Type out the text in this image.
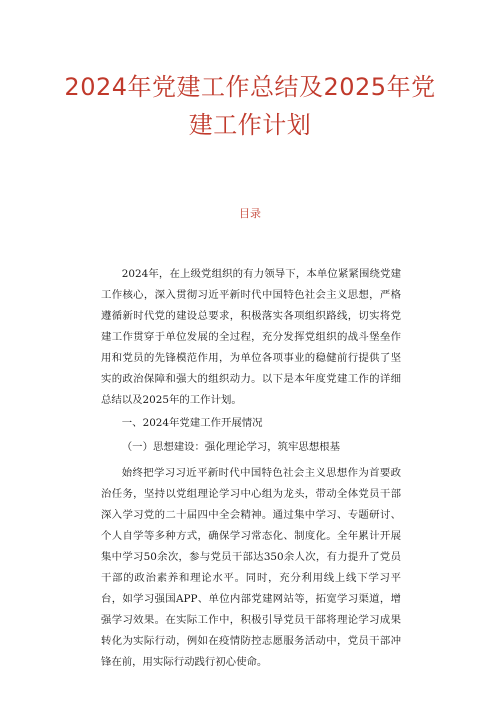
2024年党建工作总结及2025年党建工作计划
目录

2024年，在上级党组织的有力领导下，本单位紧紧围绕党建工作核心，深入贯彻习近平新时代中国特色社会主义思想，严格遵循新时代党的建设总要求，积极落实各项组织路线，切实将党建工作贯穿于单位发展的全过程，充分发挥党组织的战斗堡垒作用和党员的先锋模范作用，为单位各项事业的稳健前行提供了坚实的政治保障和强大的组织动力。以下是本年度党建工作的详细总结以及2025年的工作计划。

一、2024年党建工作开展情况

（一）思想建设：强化理论学习，筑牢思想根基

始终把学习习近平新时代中国特色社会主义思想作为首要政治任务，坚持以党组理论学习中心组为龙头，带动全体党员干部深入学习党的二十届四中全会精神。通过集中学习、专题研讨、个人自学等多种方式，确保学习常态化、制度化。全年累计开展集中学习50余次，参与党员干部达350余人次，有力提升了党员干部的政治素养和理论水平。同时，充分利用线上线下学习平台，如学习强国APP、单位内部党建网站等，拓宽学习渠道，增强学习效果。在实际工作中，积极引导党员干部将理论学习成果转化为实际行动，例如在疫情防控志愿服务活动中，党员干部冲锋在前，用实际行动践行初心使命。
